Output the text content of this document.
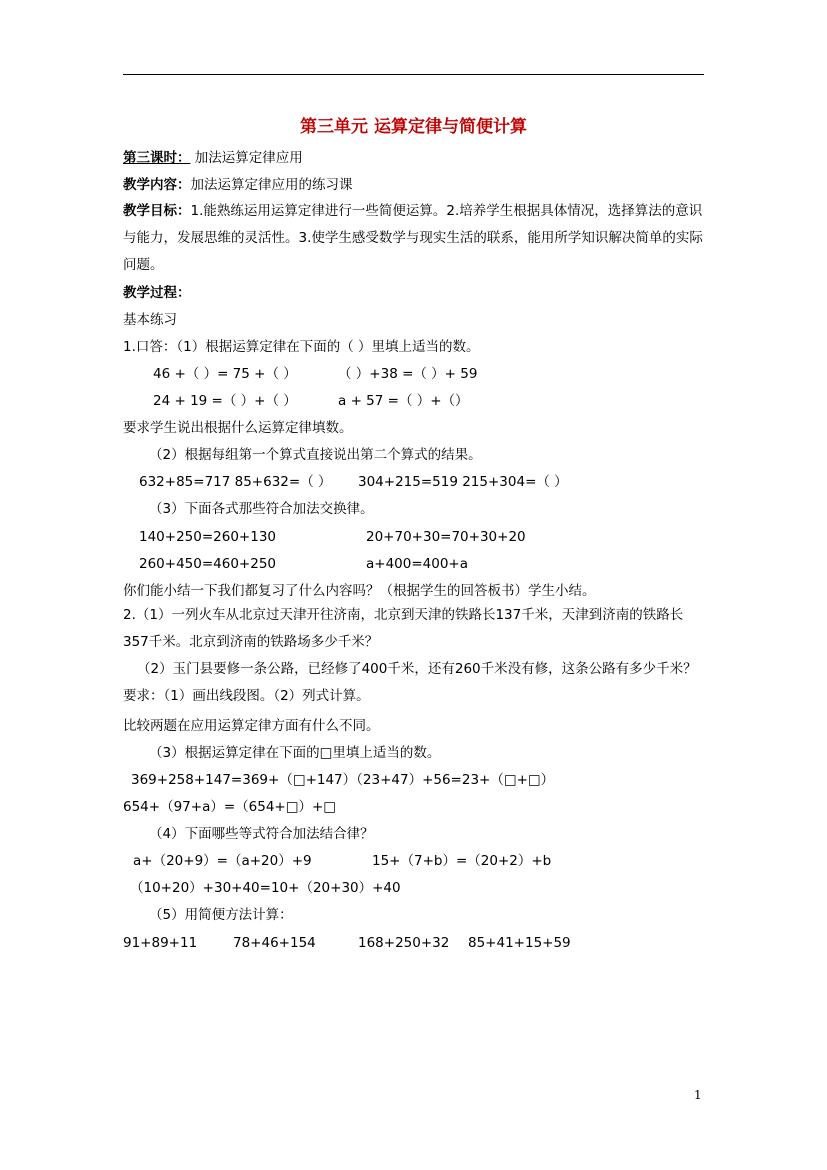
第三单元 运算定律与简便计算
第三课时： 加法运算定律应用
教学内容：加法运算定律应用的练习课
教学目标：1.能熟练运用运算定律进行一些简便运算。2.培养学生根据具体情况，选择算法的意识与能力，发展思维的灵活性。3.使学生感受数学与现实生活的联系，能用所学知识解决简单的实际问题。
教学过程：
基本练习
1.口答：（1）根据运算定律在下面的（ ）里填上适当的数。
46 +（ ）= 75 +（ ）	（ ）+38 =（ ）+ 59
24 + 19 =（ ）+（ ）	a + 57 =（ ）+（）
要求学生说出根据什么运算定律填数。
（2）根据每组第一个算式直接说出第二个算式的结果。
632+85=717 85+632=（ ） 304+215=519 215+304=（ ）
（3）下面各式那些符合加法交换律。
140+250=260+130	20+70+30=70+30+20
260+450=460+250	a+400=400+a
你们能小结一下我们都复习了什么内容吗？（根据学生的回答板书）学生小结。
2.（1）一列火车从北京过天津开往济南，北京到天津的铁路长137千米，天津到济南的铁路长357千米。北京到济南的铁路场多少千米？
（2）玉门县要修一条公路，已经修了400千米，还有260千米没有修，这条公路有多少千米？　 要求：（1）画出线段图。（2）列式计算。
比较两题在应用运算定律方面有什么不同。
（3）根据运算定律在下面的□里填上适当的数。
369+258+147=369+（□+147）（23+47）+56=23+（□+□）
654+（97+a）=（654+□）+□
（4）下面哪些等式符合加法结合律？
a+（20+9）=（a+20）+9	15+（7+b）=（20+2）+b
（10+20）+30+40=10+（20+30）+40
（5）用简便方法计算：
91+89+11	78+46+154	168+250+32 85+41+15+59
1
